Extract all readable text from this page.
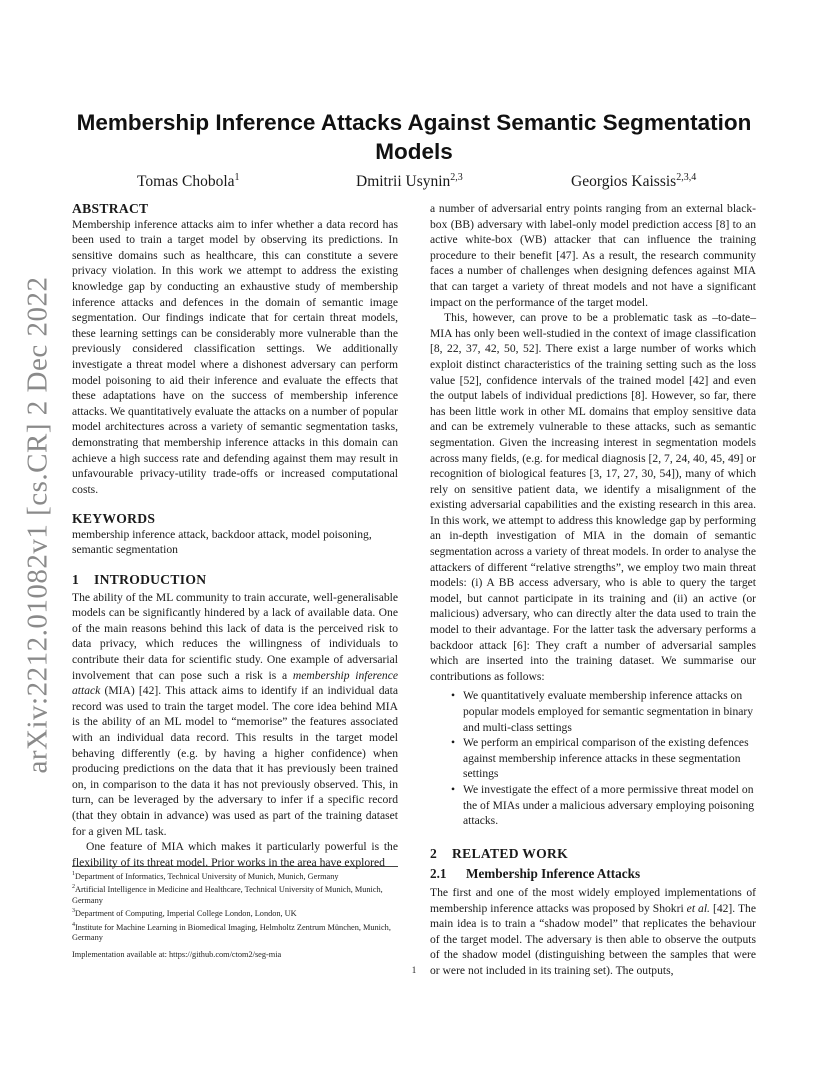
arXiv:2212.01082v1 [cs.CR] 2 Dec 2022
Membership Inference Attacks Against Semantic Segmentation Models
Tomas Chobola$^1$	Dmitrii Usynin$^{2,3}$	Georgios Kaissis$^{2,3,4}$
ABSTRACT

Membership inference attacks aim to infer whether a data record has been used to train a target model by observing its predictions. In sensitive domains such as healthcare, this can constitute a severe privacy violation. In this work we attempt to address the existing knowledge gap by conducting an exhaustive study of membership inference attacks and defences in the domain of semantic image segmentation. Our findings indicate that for certain threat models, these learning settings can be considerably more vulnerable than the previously considered classification settings. We additionally investigate a threat model where a dishonest adversary can perform model poisoning to aid their inference and evaluate the effects that these adaptations have on the success of membership inference attacks. We quantitatively evaluate the attacks on a number of popular model architectures across a variety of semantic segmentation tasks, demonstrating that membership inference attacks in this domain can achieve a high success rate and defending against them may result in unfavourable privacy-utility trade-offs or increased computational costs.

KEYWORDS

membership inference attack, backdoor attack, model poisoning, semantic segmentation

1 INTRODUCTION

The ability of the ML community to train accurate, well-generalisable models can be significantly hindered by a lack of available data. One of the main reasons behind this lack of data is the perceived risk to data privacy, which reduces the willingness of individuals to contribute their data for scientific study. One example of adversarial involvement that can pose such a risk is a membership inference attack (MIA) [42]. This attack aims to identify if an individual data record was used to train the target model. The core idea behind MIA is the ability of an ML model to “memorise” the features associated with an individual data record. This results in the target model behaving differently (e.g. by having a higher confidence) when producing predictions on the data that it has previously been trained on, in comparison to the data it has not previously observed. This, in turn, can be leveraged by the adversary to infer if a specific record (that they obtain in advance) was used as part of the training dataset for a given ML task.

One feature of MIA which makes it particularly powerful is the flexibility of its threat model. Prior works in the area have explored

a number of adversarial entry points ranging from an external black-box (BB) adversary with label-only model prediction access [8] to an active white-box (WB) attacker that can influence the training procedure to their benefit [47]. As a result, the research community faces a number of challenges when designing defences against MIA that can target a variety of threat models and not have a significant impact on the performance of the target model.

This, however, can prove to be a problematic task as –to-date– MIA has only been well-studied in the context of image classification [8, 22, 37, 42, 50, 52]. There exist a large number of works which exploit distinct characteristics of the training setting such as the loss value [52], confidence intervals of the trained model [42] and even the output labels of individual predictions [8]. However, so far, there has been little work in other ML domains that employ sensitive data and can be extremely vulnerable to these attacks, such as semantic segmentation. Given the increasing interest in segmentation models across many fields, (e.g. for medical diagnosis [2, 7, 24, 40, 45, 49] or recognition of biological features [3, 17, 27, 30, 54]), many of which rely on sensitive patient data, we identify a misalignment of the existing adversarial capabilities and the existing research in this area. In this work, we attempt to address this knowledge gap by performing an in-depth investigation of MIA in the domain of semantic segmentation across a variety of threat models. In order to analyse the attackers of different “relative strengths”, we employ two main threat models: (i) A BB access adversary, who is able to query the target model, but cannot participate in its training and (ii) an active (or malicious) adversary, who can directly alter the data used to train the model to their advantage. For the latter task the adversary performs a backdoor attack [6]: They craft a number of adversarial samples which are inserted into the training dataset. We summarise our contributions as follows:

• We quantitatively evaluate membership inference attacks on popular models employed for semantic segmentation in binary and multi-class settings
• We perform an empirical comparison of the existing defences against membership inference attacks in these segmentation settings
• We investigate the effect of a more permissive threat model on the of MIAs under a malicious adversary employing poisoning attacks.
2 RELATED WORK
2.1 Membership Inference Attacks

The first and one of the most widely employed implementations of membership inference attacks was proposed by Shokri et al. [42]. The main idea is to train a “shadow model” that replicates the behaviour of the target model. The adversary is then able to observe the outputs of the shadow model (distinguishing between the samples that were or were not included in its training set). The outputs,

$^1$Department of Informatics, Technical University of Munich, Munich, Germany
$^2$Artificial Intelligence in Medicine and Healthcare, Technical University of Munich, Munich, Germany
$^3$Department of Computing, Imperial College London, London, UK
$^4$Institute for Machine Learning in Biomedical Imaging, Helmholtz Zentrum München, Munich, Germany
Implementation available at: https://github.com/ctom2/seg-mia
1
